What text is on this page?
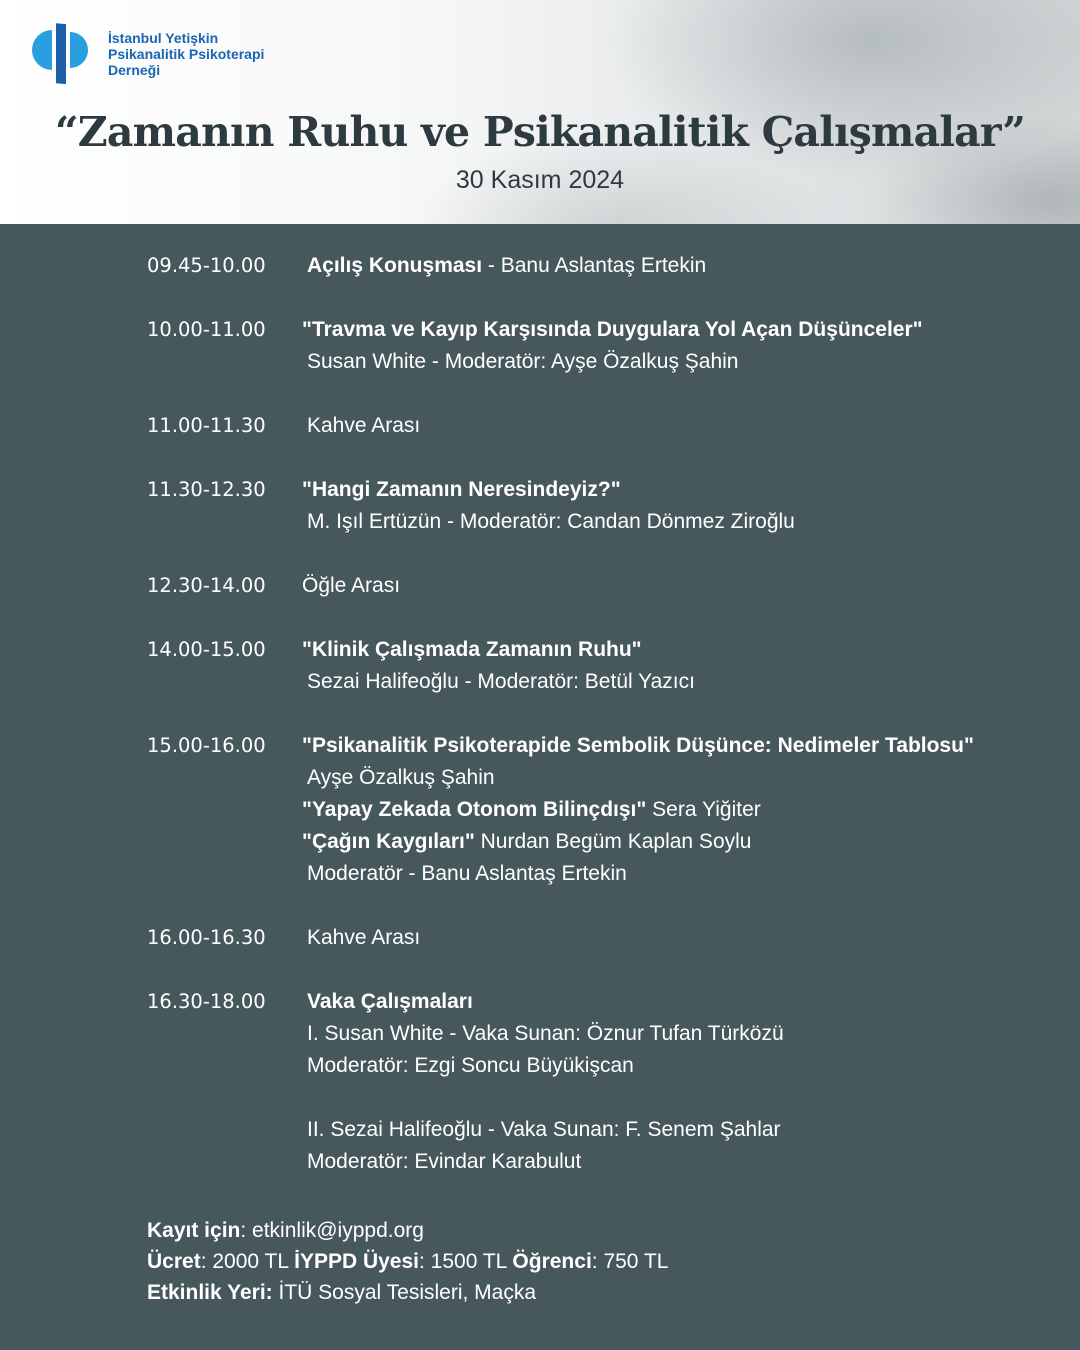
İstanbul Yetişkin
Psikanalitik Psikoterapi
Derneği
“Zamanın Ruhu ve Psikanalitik Çalışmalar”
30 Kasım 2024
09.45-10.00	Açılış Konuşması - Banu Aslantaş Ertekin
10.00-11.00	"Travma ve Kayıp Karşısında Duygulara Yol Açan Düşünceler"
Susan White - Moderatör: Ayşe Özalkuş Şahin
11.00-11.30	Kahve Arası
11.30-12.30	"Hangi Zamanın Neresindeyiz?"
M. Işıl Ertüzün - Moderatör: Candan Dönmez Ziroğlu
12.30-14.00	Öğle Arası
14.00-15.00	"Klinik Çalışmada Zamanın Ruhu"
Sezai Halifeoğlu - Moderatör: Betül Yazıcı
15.00-16.00	"Psikanalitik Psikoterapide Sembolik Düşünce: Nedimeler Tablosu"
Ayşe Özalkuş Şahin
"Yapay Zekada Otonom Bilinçdışı" Sera Yiğiter
"Çağın Kaygıları" Nurdan Begüm Kaplan Soylu
Moderatör - Banu Aslantaş Ertekin
16.00-16.30	Kahve Arası
16.30-18.00	Vaka Çalışmaları
I. Susan White - Vaka Sunan: Öznur Tufan Türközü
Moderatör: Ezgi Soncu Büyükişcan
II. Sezai Halifeoğlu - Vaka Sunan: F. Senem Şahlar
Moderatör: Evindar Karabulut
Kayıt için: etkinlik@iyppd.org
Ücret: 2000 TL İYPPD Üyesi: 1500 TL Öğrenci: 750 TL
Etkinlik Yeri: İTÜ Sosyal Tesisleri, Maçka
